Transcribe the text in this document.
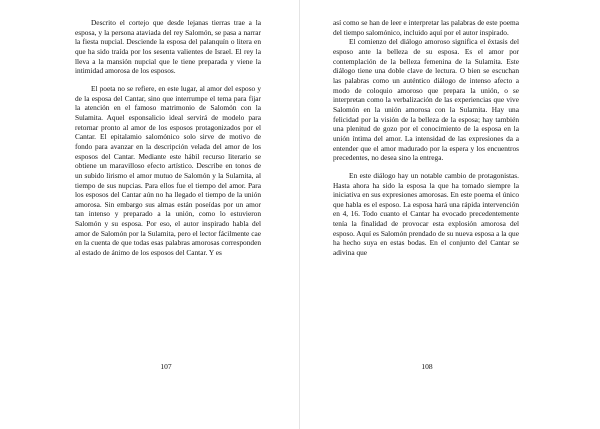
Descrito el cortejo que desde lejanas tierras trae a la esposa, y la persona ataviada del rey Salomón, se pasa a narrar la fiesta nupcial. Desciende la esposa del palanquín o litera en que ha sido traída por los sesenta valientes de Israel. El rey la lleva a la mansión nupcial que le tiene preparada y viene la intimidad amorosa de los esposos.

El poeta no se refiere, en este lugar, al amor del esposo y de la esposa del Cantar, sino que interrumpe el tema para fijar la atención en el famoso matrimonio de Salomón con la Sulamita. Aquel esponsalicio ideal servirá de modelo para retornar pronto al amor de los esposos protagonizados por el Cantar. El epitalamio salomónico solo sirve de motivo de fondo para avanzar en la descripción velada del amor de los esposos del Cantar. Mediante este hábil recurso literario se obtiene un maravilloso efecto artístico. Describe en tonos de un subido lirismo el amor mutuo de Salomón y la Sulamita, al tiempo de sus nupcias. Para ellos fue el tiempo del amor. Para los esposos del Cantar aún no ha llegado el tiempo de la unión amorosa. Sin embargo sus almas están poseídas por un amor tan intenso y preparado a la unión, como lo estuvieron Salomón y su esposa. Por eso, el autor inspirado habla del amor de Salomón por la Sulamita, pero el lector fácilmente cae en la cuenta de que todas esas palabras amorosas corresponden al estado de ánimo de los esposos del Cantar. Y es

107

así como se han de leer e interpretar las palabras de este poema del tiempo salomónico, incluido aquí por el autor inspirado.

El comienzo del diálogo amoroso significa el éxtasis del esposo ante la belleza de su esposa. Es el amor por contemplación de la belleza femenina de la Sulamita. Este diálogo tiene una doble clave de lectura. O bien se escuchan las palabras como un auténtico diálogo de intenso afecto a modo de coloquio amoroso que prepara la unión, o se interpretan como la verbalización de las experiencias que vive Salomón en la unión amorosa con la Sulamita. Hay una felicidad por la visión de la belleza de la esposa; hay también una plenitud de gozo por el conocimiento de la esposa en la unión íntima del amor. La intensidad de las expresiones da a entender que el amor madurado por la espera y los encuentros precedentes, no desea sino la entrega.

En este diálogo hay un notable cambio de protagonistas. Hasta ahora ha sido la esposa la que ha tomado siempre la iniciativa en sus expresiones amorosas. En este poema el único que habla es el esposo. La esposa hará una rápida intervención en 4, 16. Todo cuanto el Cantar ha evocado precedentemente tenía la finalidad de provocar esta explosión amorosa del esposo. Aquí es Salomón prendado de su nueva esposa a la que ha hecho suya en estas bodas. En el conjunto del Cantar se adivina que

108
